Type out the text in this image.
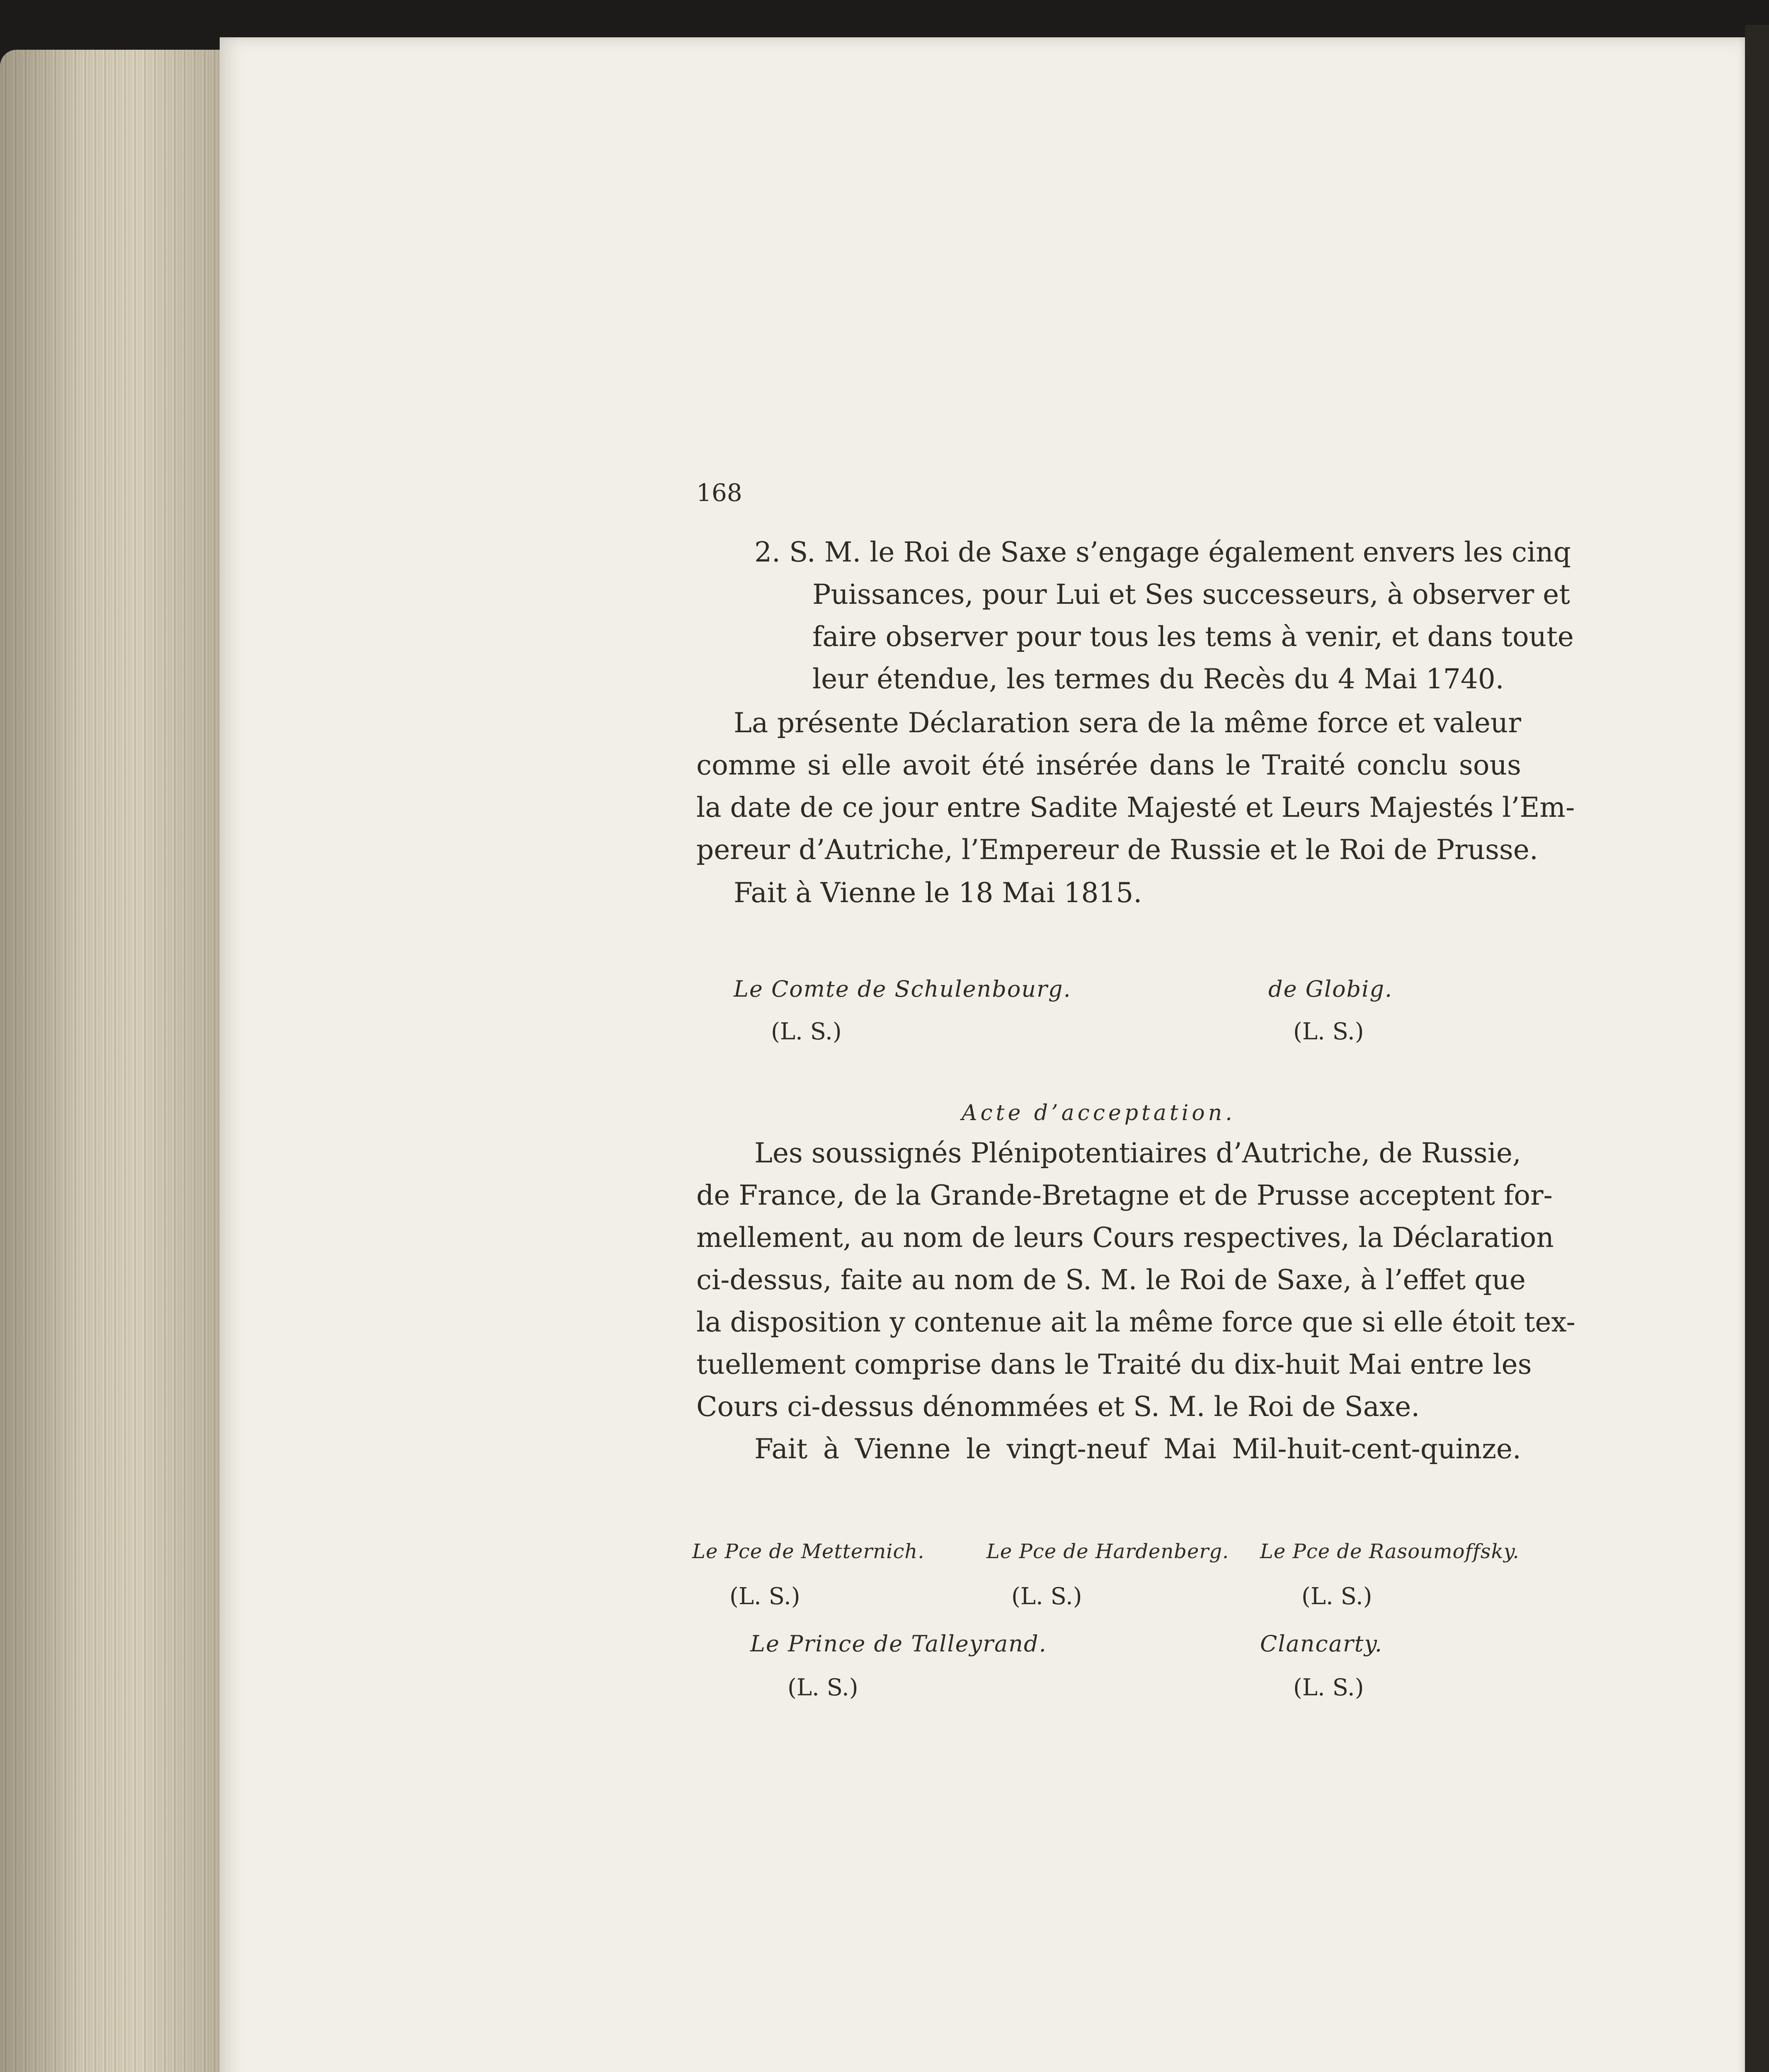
168
2. S. M. le Roi de Saxe s’engage également envers les cinq
Puissances, pour Lui et Ses successeurs, à observer et
faire observer pour tous les tems à venir, et dans toute
leur étendue, les termes du Recès du 4 Mai 1740.
La présente Déclaration sera de la même force et valeur
comme si elle avoit été insérée dans le Traité conclu sous
la date de ce jour entre Sadite Majesté et Leurs Majestés l’Em-
pereur d’Autriche, l’Empereur de Russie et le Roi de Prusse.
Fait à Vienne le 18 Mai 1815.
Le Comte de Schulenbourg.
(L. S.)
de Globig.
(L. S.)
Acte d’acceptation.
Les soussignés Plénipotentiaires d’Autriche, de Russie,
de France, de la Grande-Bretagne et de Prusse acceptent for-
mellement, au nom de leurs Cours respectives, la Déclaration
ci-dessus, faite au nom de S. M. le Roi de Saxe, à l’effet que
la disposition y contenue ait la même force que si elle étoit tex-
tuellement comprise dans le Traité du dix-huit Mai entre les
Cours ci-dessus dénommées et S. M. le Roi de Saxe.
Fait à Vienne le vingt-neuf Mai Mil-huit-cent-quinze.
Le Pce de Metternich.
(L. S.)
Le Pce de Hardenberg.
(L. S.)
Le Pce de Rasoumoffsky.
(L. S.)
Le Prince de Talleyrand.
(L. S.)
Clancarty.
(L. S.)
